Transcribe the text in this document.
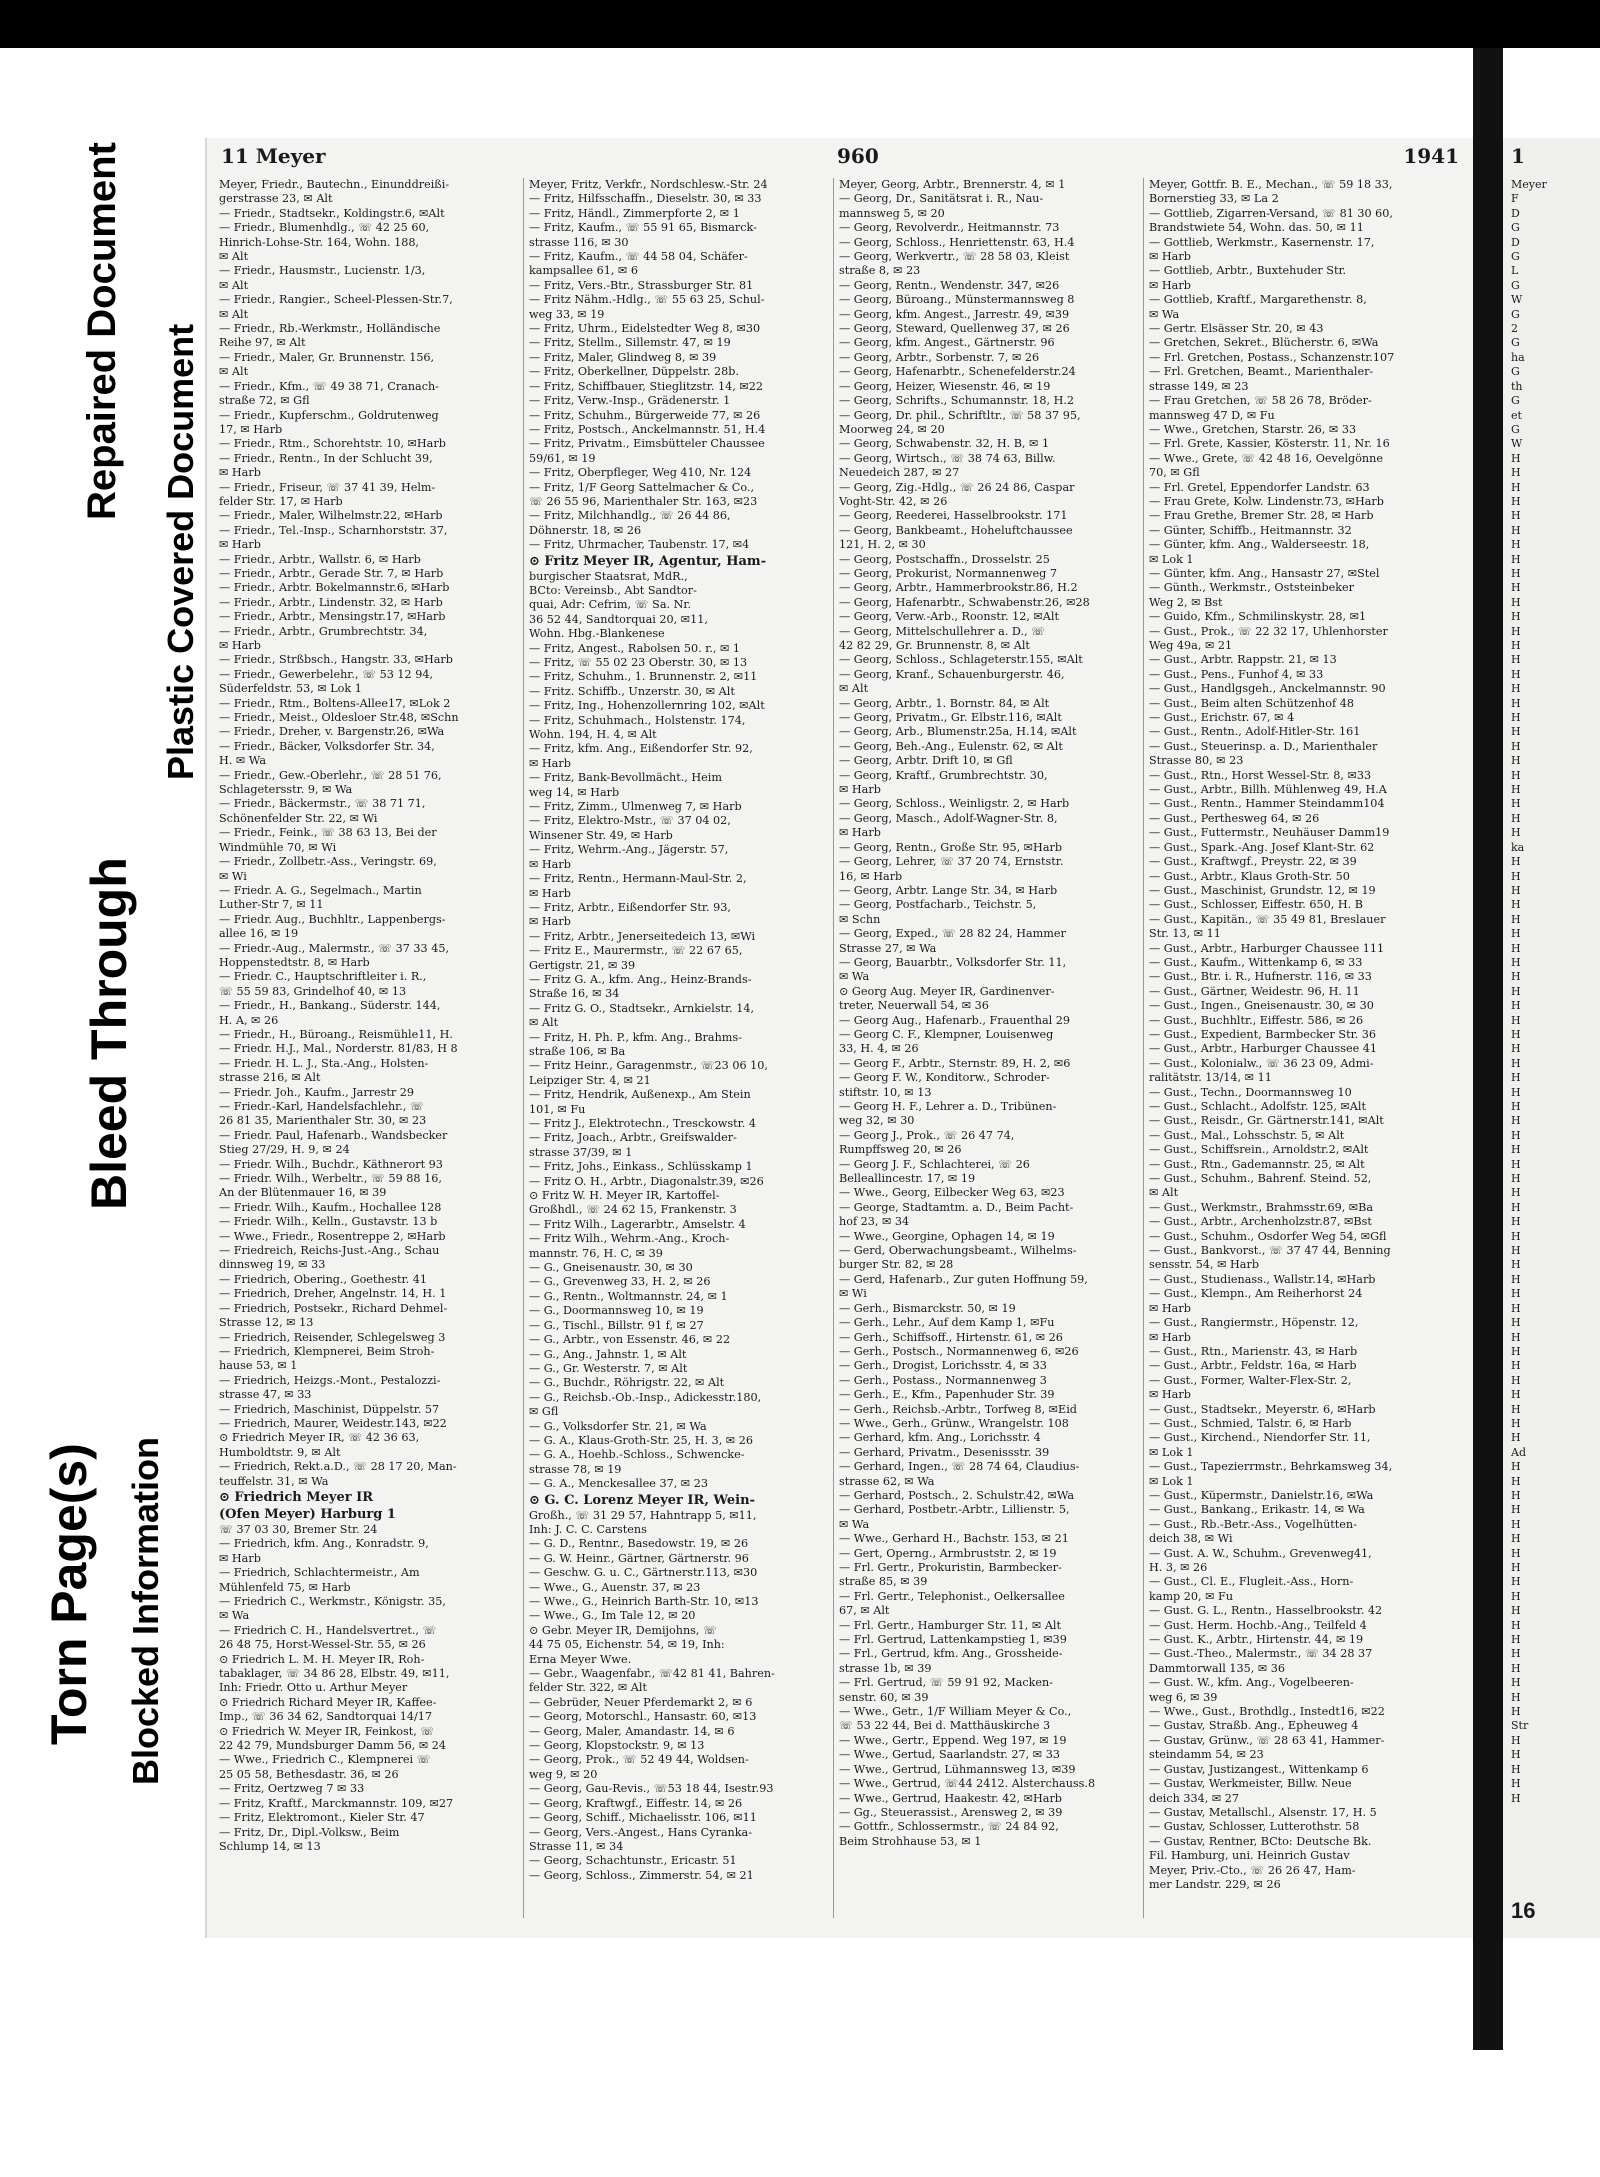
Torn Page(s)
Bleed Through
Blocked Information
Plastic Covered Document
Repaired Document	11 Meyer	960	1941
Meyer, Friedr., Bautechn., Einunddreißi-
gerstrasse 23, ✉ Alt
— Friedr., Stadtsekr., Koldingstr.6, ✉Alt
— Friedr., Blumenhdlg., ☏ 42 25 60,
Hinrich-Lohse-Str. 164, Wohn. 188,
✉ Alt
— Friedr., Hausmstr., Lucienstr. 1/3,
✉ Alt
— Friedr., Rangier., Scheel-Plessen-Str.7,
✉ Alt
— Friedr., Rb.-Werkmstr., Holländische
Reihe 97, ✉ Alt
— Friedr., Maler, Gr. Brunnenstr. 156,
✉ Alt
— Friedr., Kfm., ☏ 49 38 71, Cranach-
straße 72, ✉ Gfl
— Friedr., Kupferschm., Goldrutenweg
17, ✉ Harb
— Friedr., Rtm., Schorehtstr. 10, ✉Harb
— Friedr., Rentn., In der Schlucht 39,
✉ Harb
— Friedr., Friseur, ☏ 37 41 39, Helm-
felder Str. 17, ✉ Harb
— Friedr., Maler, Wilhelmstr.22, ✉Harb
— Friedr., Tel.-Insp., Scharnhorststr. 37,
✉ Harb
— Friedr., Arbtr., Wallstr. 6, ✉ Harb
— Friedr., Arbtr., Gerade Str. 7, ✉ Harb
— Friedr., Arbtr. Bokelmannstr.6, ✉Harb
— Friedr., Arbtr., Lindenstr. 32, ✉ Harb
— Friedr., Arbtr., Mensingstr.17, ✉Harb
— Friedr., Arbtr., Grumbrechtstr. 34,
✉ Harb
— Friedr., Strßbsch., Hangstr. 33, ✉Harb
— Friedr., Gewerbelehr., ☏ 53 12 94,
Süderfeldstr. 53, ✉ Lok 1
— Friedr., Rtm., Boltens-Allee17, ✉Lok 2
— Friedr., Meist., Oldesloer Str.48, ✉Schn
— Friedr., Dreher, v. Bargenstr.26, ✉Wa
— Friedr., Bäcker, Volksdorfer Str. 34,
H. ✉ Wa
— Friedr., Gew.-Oberlehr., ☏ 28 51 76,
Schlagetersstr. 9, ✉ Wa
— Friedr., Bäckermstr., ☏ 38 71 71,
Schönenfelder Str. 22, ✉ Wi
— Friedr., Feink., ☏ 38 63 13, Bei der
Windmühle 70, ✉ Wi
— Friedr., Zollbetr.-Ass., Veringstr. 69,
✉ Wi
— Friedr. A. G., Segelmach., Martin
Luther-Str 7, ✉ 11
— Friedr. Aug., Buchhltr., Lappenbergs-
allee 16, ✉ 19
— Friedr.-Aug., Malermstr., ☏ 37 33 45,
Hoppenstedtstr. 8, ✉ Harb
— Friedr. C., Hauptschriftleiter i. R.,
☏ 55 59 83, Grindelhof 40, ✉ 13
— Friedr., H., Bankang., Süderstr. 144,
H. A, ✉ 26
— Friedr., H., Büroang., Reismühle11, H.
— Friedr. H.J., Mal., Norderstr. 81/83, H 8
— Friedr. H. L. J., Sta.-Ang., Holsten-
strasse 216, ✉ Alt
— Friedr. Joh., Kaufm., Jarrestr 29
— Friedr.-Karl, Handelsfachlehr., ☏
26 81 35, Marienthaler Str. 30, ✉ 23
— Friedr. Paul, Hafenarb., Wandsbecker
Stieg 27/29, H. 9, ✉ 24
— Friedr. Wilh., Buchdr., Käthnerort 93
— Friedr. Wilh., Werbeltr., ☏ 59 88 16,
An der Blütenmauer 16, ✉ 39
— Friedr. Wilh., Kaufm., Hochallee 128
— Friedr. Wilh., Kelln., Gustavstr. 13 b
— Wwe., Friedr., Rosentreppe 2, ✉Harb
— Friedreich, Reichs-Just.-Ang., Schau
dinnsweg 19, ✉ 33
— Friedrich, Obering., Goethestr. 41
— Friedrich, Dreher, Angelnstr. 14, H. 1
— Friedrich, Postsekr., Richard Dehmel-
Strasse 12, ✉ 13
— Friedrich, Reisender, Schlegelsweg 3
— Friedrich, Klempnerei, Beim Stroh-
hause 53, ✉ 1
— Friedrich, Heizgs.-Mont., Pestalozzi-
strasse 47, ✉ 33
— Friedrich, Maschinist, Düppelstr. 57
— Friedrich, Maurer, Weidestr.143, ✉22
⊙ Friedrich Meyer IR, ☏ 42 36 63,
Humboldtstr. 9, ✉ Alt
— Friedrich, Rekt.a.D., ☏ 28 17 20, Man-
teuffelstr. 31, ✉ Wa
⊙ Friedrich Meyer IR
(Ofen Meyer) Harburg 1
☏ 37 03 30, Bremer Str. 24
— Friedrich, kfm. Ang., Konradstr. 9,
✉ Harb
— Friedrich, Schlachtermeistr., Am
Mühlenfeld 75, ✉ Harb
— Friedrich C., Werkmstr., Königstr. 35,
✉ Wa
— Friedrich C. H., Handelsvertret., ☏
26 48 75, Horst-Wessel-Str. 55, ✉ 26
⊙ Friedrich L. M. H. Meyer IR, Roh-
tabaklager, ☏ 34 86 28, Elbstr. 49, ✉11,
Inh: Friedr. Otto u. Arthur Meyer
⊙ Friedrich Richard Meyer IR, Kaffee-
Imp., ☏ 36 34 62, Sandtorquai 14/17
⊙ Friedrich W. Meyer IR, Feinkost, ☏
22 42 79, Mundsburger Damm 56, ✉ 24
— Wwe., Friedrich C., Klempnerei ☏
25 05 58, Bethesdastr. 36, ✉ 26
— Fritz, Oertzweg 7 ✉ 33
— Fritz, Kraftf., Marckmannstr. 109, ✉27
— Fritz, Elektromont., Kieler Str. 47
— Fritz, Dr., Dipl.-Volksw., Beim
Schlump 14, ✉ 13
Meyer, Fritz, Verkfr., Nordschlesw.-Str. 24
— Fritz, Hilfsschaffn., Dieselstr. 30, ✉ 33
— Fritz, Händl., Zimmerpforte 2, ✉ 1
— Fritz, Kaufm., ☏ 55 91 65, Bismarck-
strasse 116, ✉ 30
— Fritz, Kaufm., ☏ 44 58 04, Schäfer-
kampsallee 61, ✉ 6
— Fritz, Vers.-Btr., Strassburger Str. 81
— Fritz Nähm.-Hdlg., ☏ 55 63 25, Schul-
weg 33, ✉ 19
— Fritz, Uhrm., Eidelstedter Weg 8, ✉30
— Fritz, Stellm., Sillemstr. 47, ✉ 19
— Fritz, Maler, Glindweg 8, ✉ 39
— Fritz, Oberkellner, Düppelstr. 28b.
— Fritz, Schiffbauer, Stieglitzstr. 14, ✉22
— Fritz, Verw.-Insp., Grädenerstr. 1
— Fritz, Schuhm., Bürgerweide 77, ✉ 26
— Fritz, Postsch., Anckelmannstr. 51, H.4
— Fritz, Privatm., Eimsbütteler Chaussee
59/61, ✉ 19
— Fritz, Oberpfleger, Weg 410, Nr. 124
— Fritz, 1/F Georg Sattelmacher & Co.,
☏ 26 55 96, Marienthaler Str. 163, ✉23
— Fritz, Milchhandlg., ☏ 26 44 86,
Döhnerstr. 18, ✉ 26
— Fritz, Uhrmacher, Taubenstr. 17, ✉4
⊙ Fritz Meyer IR, Agentur, Ham-
burgischer Staatsrat, MdR.,
BCto: Vereinsb., Abt Sandtor-
quai, Adr: Cefrim, ☏ Sa. Nr.
36 52 44, Sandtorquai 20, ✉11,
Wohn. Hbg.-Blankenese
— Fritz, Angest., Rabolsen 50. r., ✉ 1
— Fritz, ☏ 55 02 23 Oberstr. 30, ✉ 13
— Fritz, Schuhm., 1. Brunnenstr. 2, ✉11
— Fritz. Schiffb., Unzerstr. 30, ✉ Alt
— Fritz, Ing., Hohenzollernring 102, ✉Alt
— Fritz, Schuhmach., Holstenstr. 174,
Wohn. 194, H. 4, ✉ Alt
— Fritz, kfm. Ang., Eißendorfer Str. 92,
✉ Harb
— Fritz, Bank-Bevollmächt., Heim
weg 14, ✉ Harb
— Fritz, Zimm., Ulmenweg 7, ✉ Harb
— Fritz, Elektro-Mstr., ☏ 37 04 02,
Winsener Str. 49, ✉ Harb
— Fritz, Wehrm.-Ang., Jägerstr. 57,
✉ Harb
— Fritz, Rentn., Hermann-Maul-Str. 2,
✉ Harb
— Fritz, Arbtr., Eißendorfer Str. 93,
✉ Harb
— Fritz, Arbtr., Jenerseitedeich 13, ✉Wi
— Fritz E., Maurermstr., ☏ 22 67 65,
Gertigstr. 21, ✉ 39
— Fritz G. A., kfm. Ang., Heinz-Brands-
Straße 16, ✉ 34
— Fritz G. O., Stadtsekr., Arnkielstr. 14,
✉ Alt
— Fritz, H. Ph. P., kfm. Ang., Brahms-
straße 106, ✉ Ba
— Fritz Heinr., Garagenmstr., ☏23 06 10,
Leipziger Str. 4, ✉ 21
— Fritz, Hendrik, Außenexp., Am Stein
101, ✉ Fu
— Fritz J., Elektrotechn., Tresckowstr. 4
— Fritz, Joach., Arbtr., Greifswalder-
strasse 37/39, ✉ 1
— Fritz, Johs., Einkass., Schlüsskamp 1
— Fritz O. H., Arbtr., Diagonalstr.39, ✉26
⊙ Fritz W. H. Meyer IR, Kartoffel-
Großhdl., ☏ 24 62 15, Frankenstr. 3
— Fritz Wilh., Lagerarbtr., Amselstr. 4
— Fritz Wilh., Wehrm.-Ang., Kroch-
mannstr. 76, H. C, ✉ 39
— G., Gneisenaustr. 30, ✉ 30
— G., Grevenweg 33, H. 2, ✉ 26
— G., Rentn., Woltmannstr. 24, ✉ 1
— G., Doormannsweg 10, ✉ 19
— G., Tischl., Billstr. 91 f, ✉ 27
— G., Arbtr., von Essenstr. 46, ✉ 22
— G., Ang., Jahnstr. 1, ✉ Alt
— G., Gr. Westerstr. 7, ✉ Alt
— G., Buchdr., Röhrigstr. 22, ✉ Alt
— G., Reichsb.-Ob.-Insp., Adickesstr.180,
✉ Gfl
— G., Volksdorfer Str. 21, ✉ Wa
— G. A., Klaus-Groth-Str. 25, H. 3, ✉ 26
— G. A., Hoehb.-Schloss., Schwencke-
strasse 78, ✉ 19
— G. A., Menckesallee 37, ✉ 23
⊙ G. C. Lorenz Meyer IR, Wein-
Großh., ☏ 31 29 57, Hahntrapp 5, ✉11,
Inh: J. C. C. Carstens
— G. D., Rentnr., Basedowstr. 19, ✉ 26
— G. W. Heinr., Gärtner, Gärtnerstr. 96
— Geschw. G. u. C., Gärtnerstr.113, ✉30
— Wwe., G., Auenstr. 37, ✉ 23
— Wwe., G., Heinrich Barth-Str. 10, ✉13
— Wwe., G., Im Tale 12, ✉ 20
⊙ Gebr. Meyer IR, Demijohns, ☏
44 75 05, Eichenstr. 54, ✉ 19, Inh:
Erna Meyer Wwe.
— Gebr., Waagenfabr., ☏42 81 41, Bahren-
felder Str. 322, ✉ Alt
— Gebrüder, Neuer Pferdemarkt 2, ✉ 6
— Georg, Motorschl., Hansastr. 60, ✉13
— Georg, Maler, Amandastr. 14, ✉ 6
— Georg, Klopstockstr. 9, ✉ 13
— Georg, Prok., ☏ 52 49 44, Woldsen-
weg 9, ✉ 20
— Georg, Gau-Revis., ☏53 18 44, Isestr.93
— Georg, Kraftwgf., Eiffestr. 14, ✉ 26
— Georg, Schiff., Michaelisstr. 106, ✉11
— Georg, Vers.-Angest., Hans Cyranka-
Strasse 11, ✉ 34
— Georg, Schachtunstr., Ericastr. 51
— Georg, Schloss., Zimmerstr. 54, ✉ 21
Meyer, Georg, Arbtr., Brennerstr. 4, ✉ 1
— Georg, Dr., Sanitätsrat i. R., Nau-
mannsweg 5, ✉ 20
— Georg, Revolverdr., Heitmannstr. 73
— Georg, Schloss., Henriettenstr. 63, H.4
— Georg, Werkvertr., ☏ 28 58 03, Kleist
straße 8, ✉ 23
— Georg, Rentn., Wendenstr. 347, ✉26
— Georg, Büroang., Münstermannsweg 8
— Georg, kfm. Angest., Jarrestr. 49, ✉39
— Georg, Steward, Quellenweg 37, ✉ 26
— Georg, kfm. Angest., Gärtnerstr. 96
— Georg, Arbtr., Sorbenstr. 7, ✉ 26
— Georg, Hafenarbtr., Schenefelderstr.24
— Georg, Heizer, Wiesenstr. 46, ✉ 19
— Georg, Schrifts., Schumannstr. 18, H.2
— Georg, Dr. phil., Schriftltr., ☏ 58 37 95,
Moorweg 24, ✉ 20
— Georg, Schwabenstr. 32, H. B, ✉ 1
— Georg, Wirtsch., ☏ 38 74 63, Billw.
Neuedeich 287, ✉ 27
— Georg, Zig.-Hdlg., ☏ 26 24 86, Caspar
Voght-Str. 42, ✉ 26
— Georg, Reederei, Hasselbrookstr. 171
— Georg, Bankbeamt., Hoheluftchaussee
121, H. 2, ✉ 30
— Georg, Postschaffn., Drosselstr. 25
— Georg, Prokurist, Normannenweg 7
— Georg, Arbtr., Hammerbrookstr.86, H.2
— Georg, Hafenarbtr., Schwabenstr.26, ✉28
— Georg, Verw.-Arb., Roonstr. 12, ✉Alt
— Georg, Mittelschullehrer a. D., ☏
42 82 29, Gr. Brunnenstr. 8, ✉ Alt
— Georg, Schloss., Schlageterstr.155, ✉Alt
— Georg, Kranf., Schauenburgerstr. 46,
✉ Alt
— Georg, Arbtr., 1. Bornstr. 84, ✉ Alt
— Georg, Privatm., Gr. Elbstr.116, ✉Alt
— Georg, Arb., Blumenstr.25a, H.14, ✉Alt
— Georg, Beh.-Ang., Eulenstr. 62, ✉ Alt
— Georg, Arbtr. Drift 10, ✉ Gfl
— Georg, Kraftf., Grumbrechtstr. 30,
✉ Harb
— Georg, Schloss., Weinligstr. 2, ✉ Harb
— Georg, Masch., Adolf-Wagner-Str. 8,
✉ Harb
— Georg, Rentn., Große Str. 95, ✉Harb
— Georg, Lehrer, ☏ 37 20 74, Ernststr.
16, ✉ Harb
— Georg, Arbtr. Lange Str. 34, ✉ Harb
— Georg, Postfacharb., Teichstr. 5,
✉ Schn
— Georg, Exped., ☏ 28 82 24, Hammer
Strasse 27, ✉ Wa
— Georg, Bauarbtr., Volksdorfer Str. 11,
✉ Wa
⊙ Georg Aug. Meyer IR, Gardinenver-
treter, Neuerwall 54, ✉ 36
— Georg Aug., Hafenarb., Frauenthal 29
— Georg C. F., Klempner, Louisenweg
33, H. 4, ✉ 26
— Georg F., Arbtr., Sternstr. 89, H. 2, ✉6
— Georg F. W., Konditorw., Schroder-
stiftstr. 10, ✉ 13
— Georg H. F., Lehrer a. D., Tribünen-
weg 32, ✉ 30
— Georg J., Prok., ☏ 26 47 74,
Rumpffsweg 20, ✉ 26
— Georg J. F., Schlachterei, ☏ 26
Belleallincestr. 17, ✉ 19
— Wwe., Georg, Eilbecker Weg 63, ✉23
— George, Stadtamtm. a. D., Beim Pacht-
hof 23, ✉ 34
— Wwe., Georgine, Ophagen 14, ✉ 19
— Gerd, Oberwachungsbeamt., Wilhelms-
burger Str. 82, ✉ 28
— Gerd, Hafenarb., Zur guten Hoffnung 59,
✉ Wi
— Gerh., Bismarckstr. 50, ✉ 19
— Gerh., Lehr., Auf dem Kamp 1, ✉Fu
— Gerh., Schiffsoff., Hirtenstr. 61, ✉ 26
— Gerh., Postsch., Normannenweg 6, ✉26
— Gerh., Drogist, Lorichsstr. 4, ✉ 33
— Gerh., Postass., Normannenweg 3
— Gerh., E., Kfm., Papenhuder Str. 39
— Gerh., Reichsb.-Arbtr., Torfweg 8, ✉Eid
— Wwe., Gerh., Grünw., Wrangelstr. 108
— Gerhard, kfm. Ang., Lorichsstr. 4
— Gerhard, Privatm., Desenissstr. 39
— Gerhard, Ingen., ☏ 28 74 64, Claudius-
strasse 62, ✉ Wa
— Gerhard, Postsch., 2. Schulstr.42, ✉Wa
— Gerhard, Postbetr.-Arbtr., Lillienstr. 5,
✉ Wa
— Wwe., Gerhard H., Bachstr. 153, ✉ 21
— Gert, Operng., Armbruststr. 2, ✉ 19
— Frl. Gertr., Prokuristin, Barmbecker-
straße 85, ✉ 39
— Frl. Gertr., Telephonist., Oelkersallee
67, ✉ Alt
— Frl. Gertr., Hamburger Str. 11, ✉ Alt
— Frl. Gertrud, Lattenkampstieg 1, ✉39
— Frl., Gertrud, kfm. Ang., Grossheide-
strasse 1b, ✉ 39
— Frl. Gertrud, ☏ 59 91 92, Macken-
senstr. 60, ✉ 39
— Wwe., Getr., 1/F William Meyer & Co.,
☏ 53 22 44, Bei d. Matthäuskirche 3
— Wwe., Gertr., Eppend. Weg 197, ✉ 19
— Wwe., Gertud, Saarlandstr. 27, ✉ 33
— Wwe., Gertrud, Lühmannsweg 13, ✉39
— Wwe., Gertrud, ☏44 2412. Alsterchauss.8
— Wwe., Gertrud, Haakestr. 42, ✉Harb
— Gg., Steuerassist., Arensweg 2, ✉ 39
— Gottfr., Schlossermstr., ☏ 24 84 92,
Beim Strohhause 53, ✉ 1
Meyer, Gottfr. B. E., Mechan., ☏ 59 18 33,
Bornerstieg 33, ✉ La 2
— Gottlieb, Zigarren-Versand, ☏ 81 30 60,
Brandstwiete 54, Wohn. das. 50, ✉ 11
— Gottlieb, Werkmstr., Kasernenstr. 17,
✉ Harb
— Gottlieb, Arbtr., Buxtehuder Str.
✉ Harb
— Gottlieb, Kraftf., Margarethenstr. 8,
✉ Wa
— Gertr. Elsässer Str. 20, ✉ 43
— Gretchen, Sekret., Blücherstr. 6, ✉Wa
— Frl. Gretchen, Postass., Schanzenstr.107
— Frl. Gretchen, Beamt., Marienthaler-
strasse 149, ✉ 23
— Frau Gretchen, ☏ 58 26 78, Bröder-
mannsweg 47 D, ✉ Fu
— Wwe., Gretchen, Starstr. 26, ✉ 33
— Frl. Grete, Kassier, Kösterstr. 11, Nr. 16
— Wwe., Grete, ☏ 42 48 16, Oevelgönne
70, ✉ Gfl
— Frl. Gretel, Eppendorfer Landstr. 63
— Frau Grete, Kolw. Lindenstr.73, ✉Harb
— Frau Grethe, Bremer Str. 28, ✉ Harb
— Günter, Schiffb., Heitmannstr. 32
— Günter, kfm. Ang., Walderseestr. 18,
✉ Lok 1
— Günter, kfm. Ang., Hansastr 27, ✉Stel
— Günth., Werkmstr., Oststeinbeker
Weg 2, ✉ Bst
— Guido, Kfm., Schmilinskystr. 28, ✉1
— Gust., Prok., ☏ 22 32 17, Uhlenhorster
Weg 49a, ✉ 21
— Gust., Arbtr. Rappstr. 21, ✉ 13
— Gust., Pens., Funhof 4, ✉ 33
— Gust., Handlgsgeh., Anckelmannstr. 90
— Gust., Beim alten Schützenhof 48
— Gust., Erichstr. 67, ✉ 4
— Gust., Rentn., Adolf-Hitler-Str. 161
— Gust., Steuerinsp. a. D., Marienthaler
Strasse 80, ✉ 23
— Gust., Rtn., Horst Wessel-Str. 8, ✉33
— Gust., Arbtr., Billh. Mühlenweg 49, H.A
— Gust., Rentn., Hammer Steindamm104
— Gust., Perthesweg 64, ✉ 26
— Gust., Futtermstr., Neuhäuser Damm19
— Gust., Spark.-Ang. Josef Klant-Str. 62
— Gust., Kraftwgf., Preystr. 22, ✉ 39
— Gust., Arbtr., Klaus Groth-Str. 50
— Gust., Maschinist, Grundstr. 12, ✉ 19
— Gust., Schlosser, Eiffestr. 650, H. B
— Gust., Kapitän., ☏ 35 49 81, Breslauer
Str. 13, ✉ 11
— Gust., Arbtr., Harburger Chaussee 111
— Gust., Kaufm., Wittenkamp 6, ✉ 33
— Gust., Btr. i. R., Hufnerstr. 116, ✉ 33
— Gust., Gärtner, Weidestr. 96, H. 11
— Gust., Ingen., Gneisenaustr. 30, ✉ 30
— Gust., Buchhltr., Eiffestr. 586, ✉ 26
— Gust., Expedient, Barmbecker Str. 36
— Gust., Arbtr., Harburger Chaussee 41
— Gust., Kolonialw., ☏ 36 23 09, Admi-
ralitätstr. 13/14, ✉ 11
— Gust., Techn., Doormannsweg 10
— Gust., Schlacht., Adolfstr. 125, ✉Alt
— Gust., Reisdr., Gr. Gärtnerstr.141, ✉Alt
— Gust., Mal., Lohsschstr. 5, ✉ Alt
— Gust., Schiffsrein., Arnoldstr.2, ✉Alt
— Gust., Rtn., Gademannstr. 25, ✉ Alt
— Gust., Schuhm., Bahrenf. Steind. 52,
✉ Alt
— Gust., Werkmstr., Brahmsstr.69, ✉Ba
— Gust., Arbtr., Archenholzstr.87, ✉Bst
— Gust., Schuhm., Osdorfer Weg 54, ✉Gfl
— Gust., Bankvorst., ☏ 37 47 44, Benning
sensstr. 54, ✉ Harb
— Gust., Studienass., Wallstr.14, ✉Harb
— Gust., Klempn., Am Reiherhorst 24
✉ Harb
— Gust., Rangiermstr., Höpenstr. 12,
✉ Harb
— Gust., Rtn., Marienstr. 43, ✉ Harb
— Gust., Arbtr., Feldstr. 16a, ✉ Harb
— Gust., Former, Walter-Flex-Str. 2,
✉ Harb
— Gust., Stadtsekr., Meyerstr. 6, ✉Harb
— Gust., Schmied, Talstr. 6, ✉ Harb
— Gust., Kirchend., Niendorfer Str. 11,
✉ Lok 1
— Gust., Tapezierrmstr., Behrkamsweg 34,
✉ Lok 1
— Gust., Küpermstr., Danielstr.16, ✉Wa
— Gust., Bankang., Erikastr. 14, ✉ Wa
— Gust., Rb.-Betr.-Ass., Vogelhütten-
deich 38, ✉ Wi
— Gust. A. W., Schuhm., Grevenweg41,
H. 3, ✉ 26
— Gust., Cl. E., Flugleit.-Ass., Horn-
kamp 20, ✉ Fu
— Gust. G. L., Rentn., Hasselbrookstr. 42
— Gust. Herm. Hochb.-Ang., Teilfeld 4
— Gust. K., Arbtr., Hirtenstr. 44, ✉ 19
— Gust.-Theo., Malermstr., ☏ 34 28 37
Dammtorwall 135, ✉ 36
— Gust. W., kfm. Ang., Vogelbeeren-
weg 6, ✉ 39
— Wwe., Gust., Brothdlg., Instedt16, ✉22
— Gustav, Straßb. Ang., Epheuweg 4
— Gustav, Grünw., ☏ 28 63 41, Hammer-
steindamm 54, ✉ 23
— Gustav, Justizangest., Wittenkamp 6
— Gustav, Werkmeister, Billw. Neue
deich 334, ✉ 27
— Gustav, Metallschl., Alsenstr. 17, H. 5
— Gustav, Schlosser, Lutterothstr. 58
— Gustav, Rentner, BCto: Deutsche Bk.
Fil. Hamburg, uni. Heinrich Gustav
Meyer, Priv.-Cto., ☏ 26 26 47, Ham-
mer Landstr. 229, ✉ 26
1
Meyer
F
D
G
D
G
L
G
W
G
2
G
ha
G
th
G
et
G
W
H
H
H
H
H
H
H
H
H
H
H
H
H
H
H
H
H
H
H
H
H
H
H
H
H
H
H
ka
H
H
H
H
H
H
H
H
H
H
H
H
H
H
H
H
H
H
H
H
H
H
H
H
H
H
H
H
H
H
H
H
H
H
H
H
H
H
H
H
H
Ad
H
H
H
H
H
H
H
H
H
H
H
H
H
H
H
H
H
H
Str
H
H
H
H
H
16
